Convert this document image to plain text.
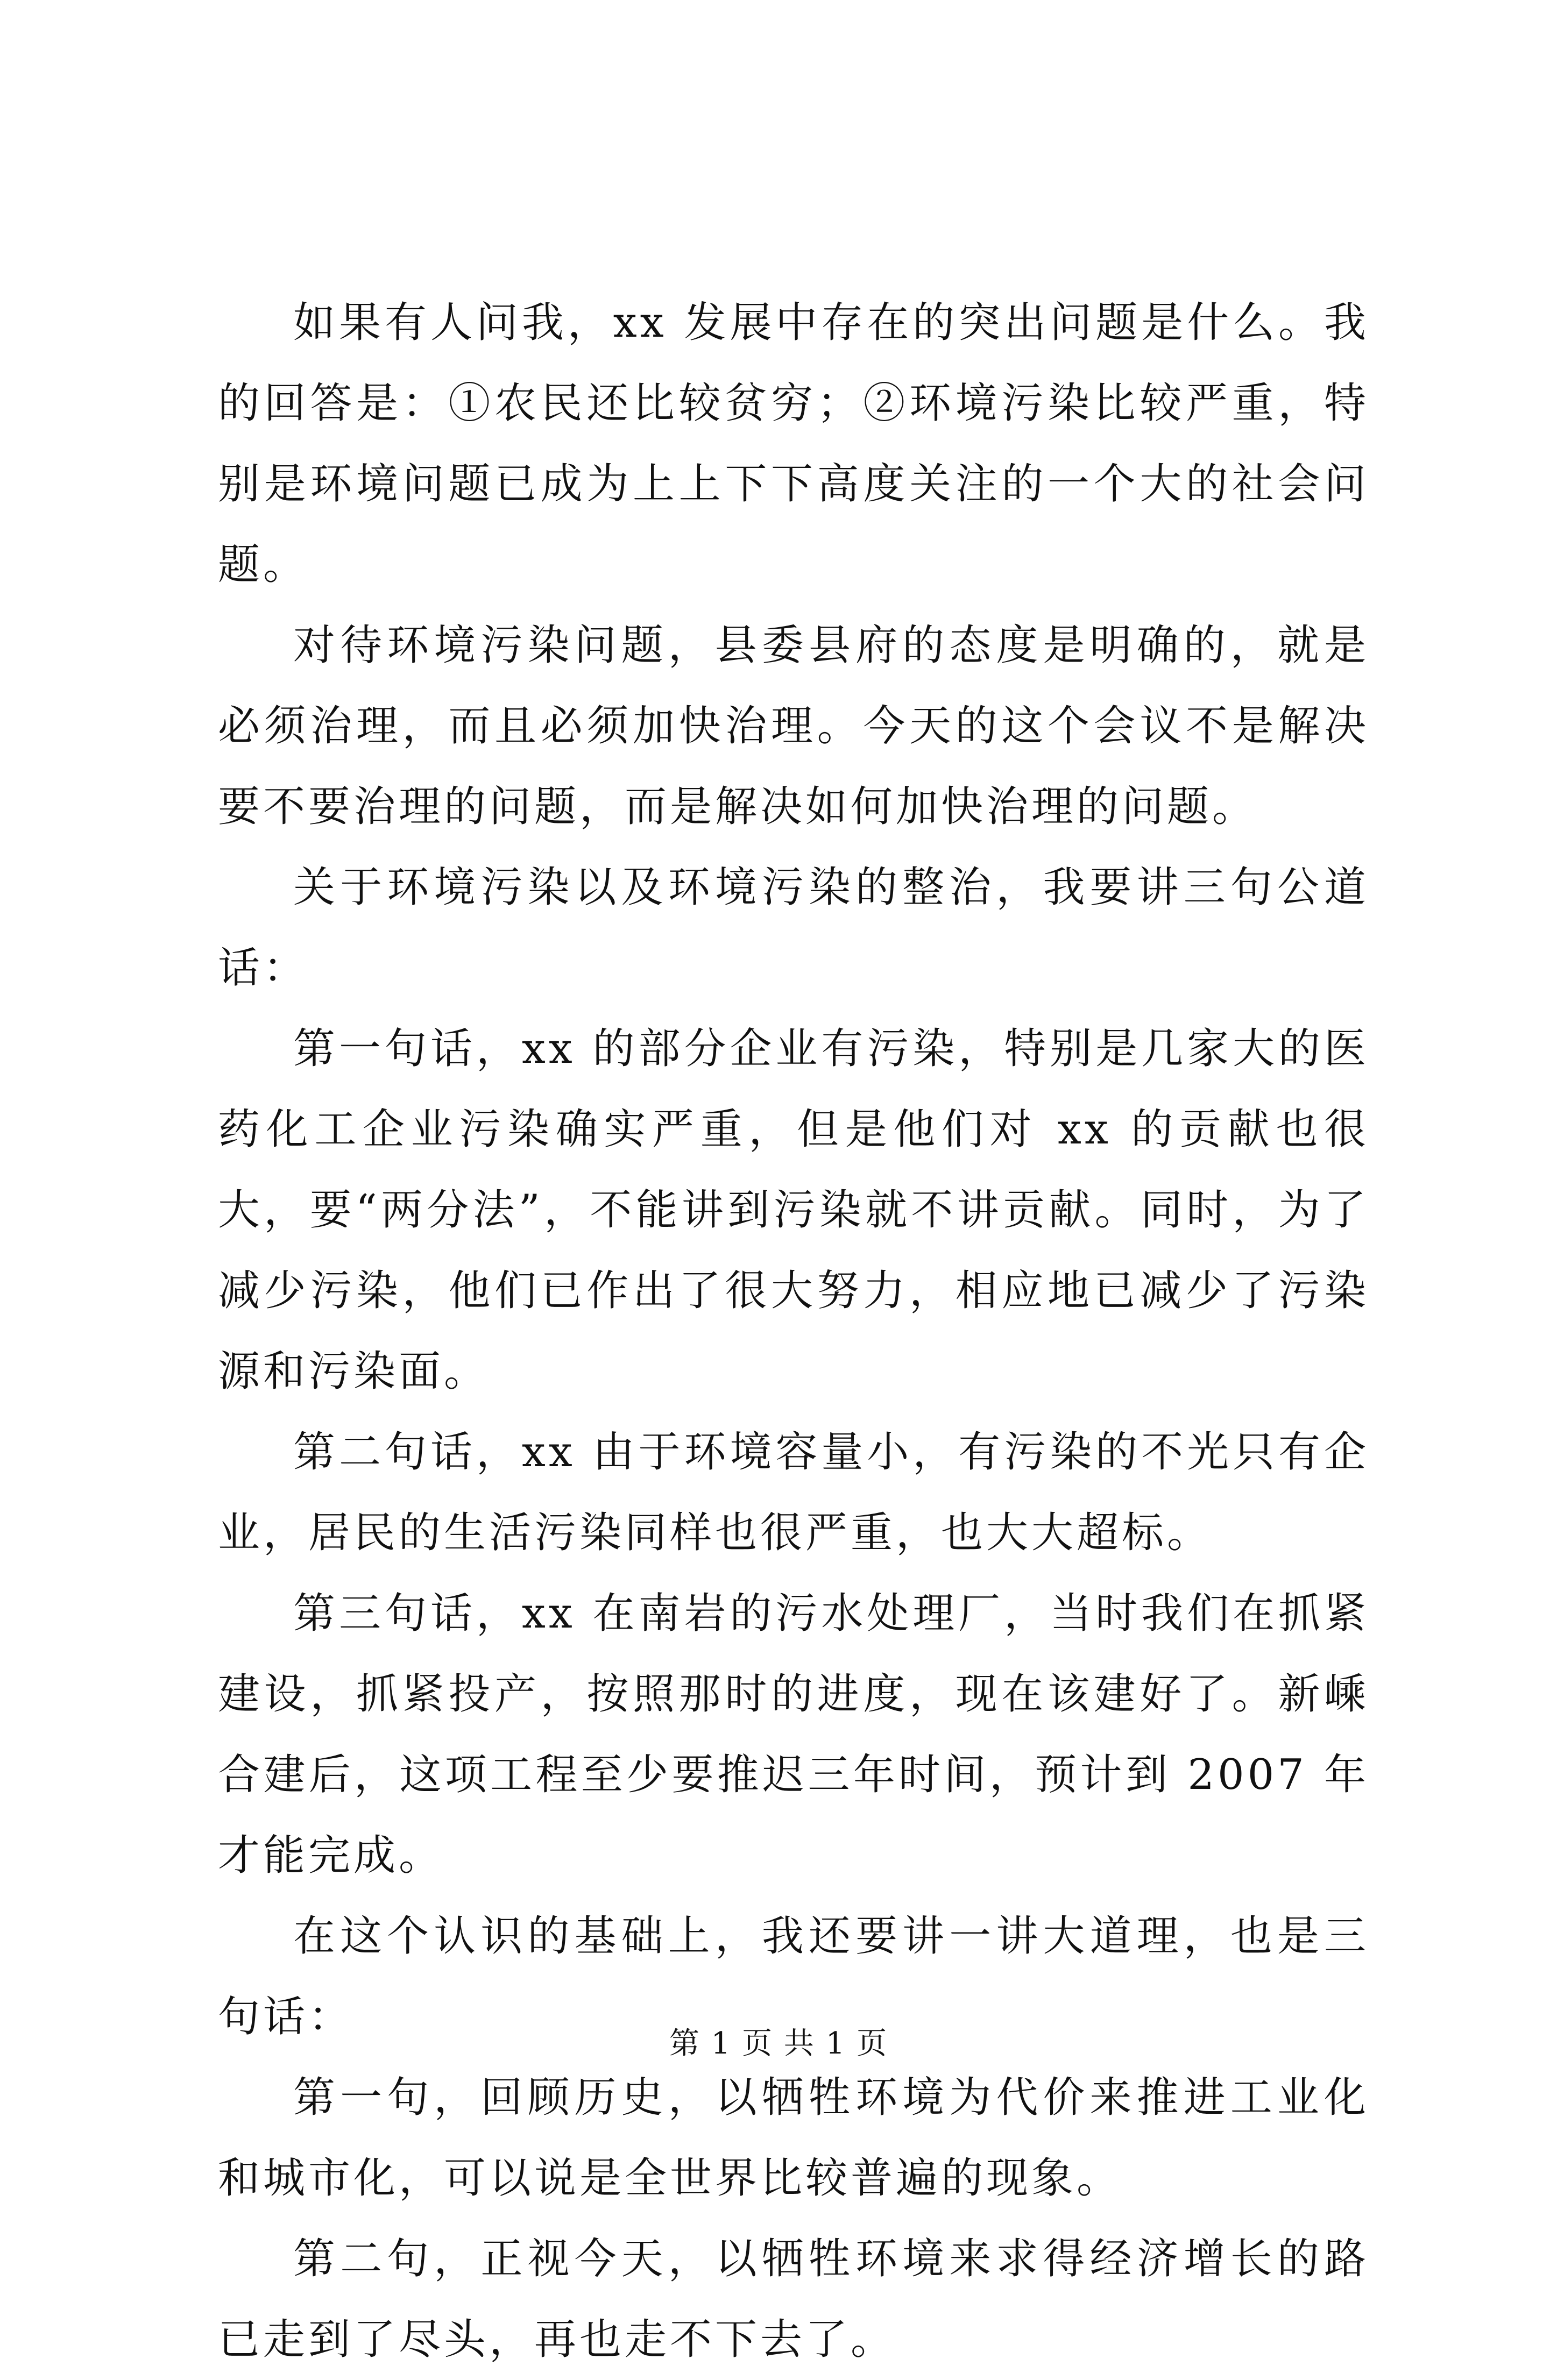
如果有人问我，xx 发展中存在的突出问题是什么。我的回答是：①农民还比较贫穷；②环境污染比较严重，特别是环境问题已成为上上下下高度关注的一个大的社会问题。

对待环境污染问题，县委县府的态度是明确的，就是必须治理，而且必须加快治理。今天的这个会议不是解决要不要治理的问题，而是解决如何加快治理的问题。

关于环境污染以及环境污染的整治，我要讲三句公道话：

第一句话，xx 的部分企业有污染，特别是几家大的医药化工企业污染确实严重，但是他们对 xx 的贡献也很大，要“两分法”，不能讲到污染就不讲贡献。同时，为了减少污染，他们已作出了很大努力，相应地已减少了污染源和污染面。

第二句话，xx 由于环境容量小，有污染的不光只有企业，居民的生活污染同样也很严重，也大大超标。

第三句话，xx 在南岩的污水处理厂，当时我们在抓紧建设，抓紧投产，按照那时的进度，现在该建好了。新嵊合建后，这项工程至少要推迟三年时间，预计到 2007 年才能完成。

在这个认识的基础上，我还要讲一讲大道理，也是三句话：

第一句，回顾历史，以牺牲环境为代价来推进工业化和城市化，可以说是全世界比较普遍的现象。

第二句，正视今天，以牺牲环境来求得经济增长的路已走到了尽头，再也走不下去了。

第 1 页 共 1 页
